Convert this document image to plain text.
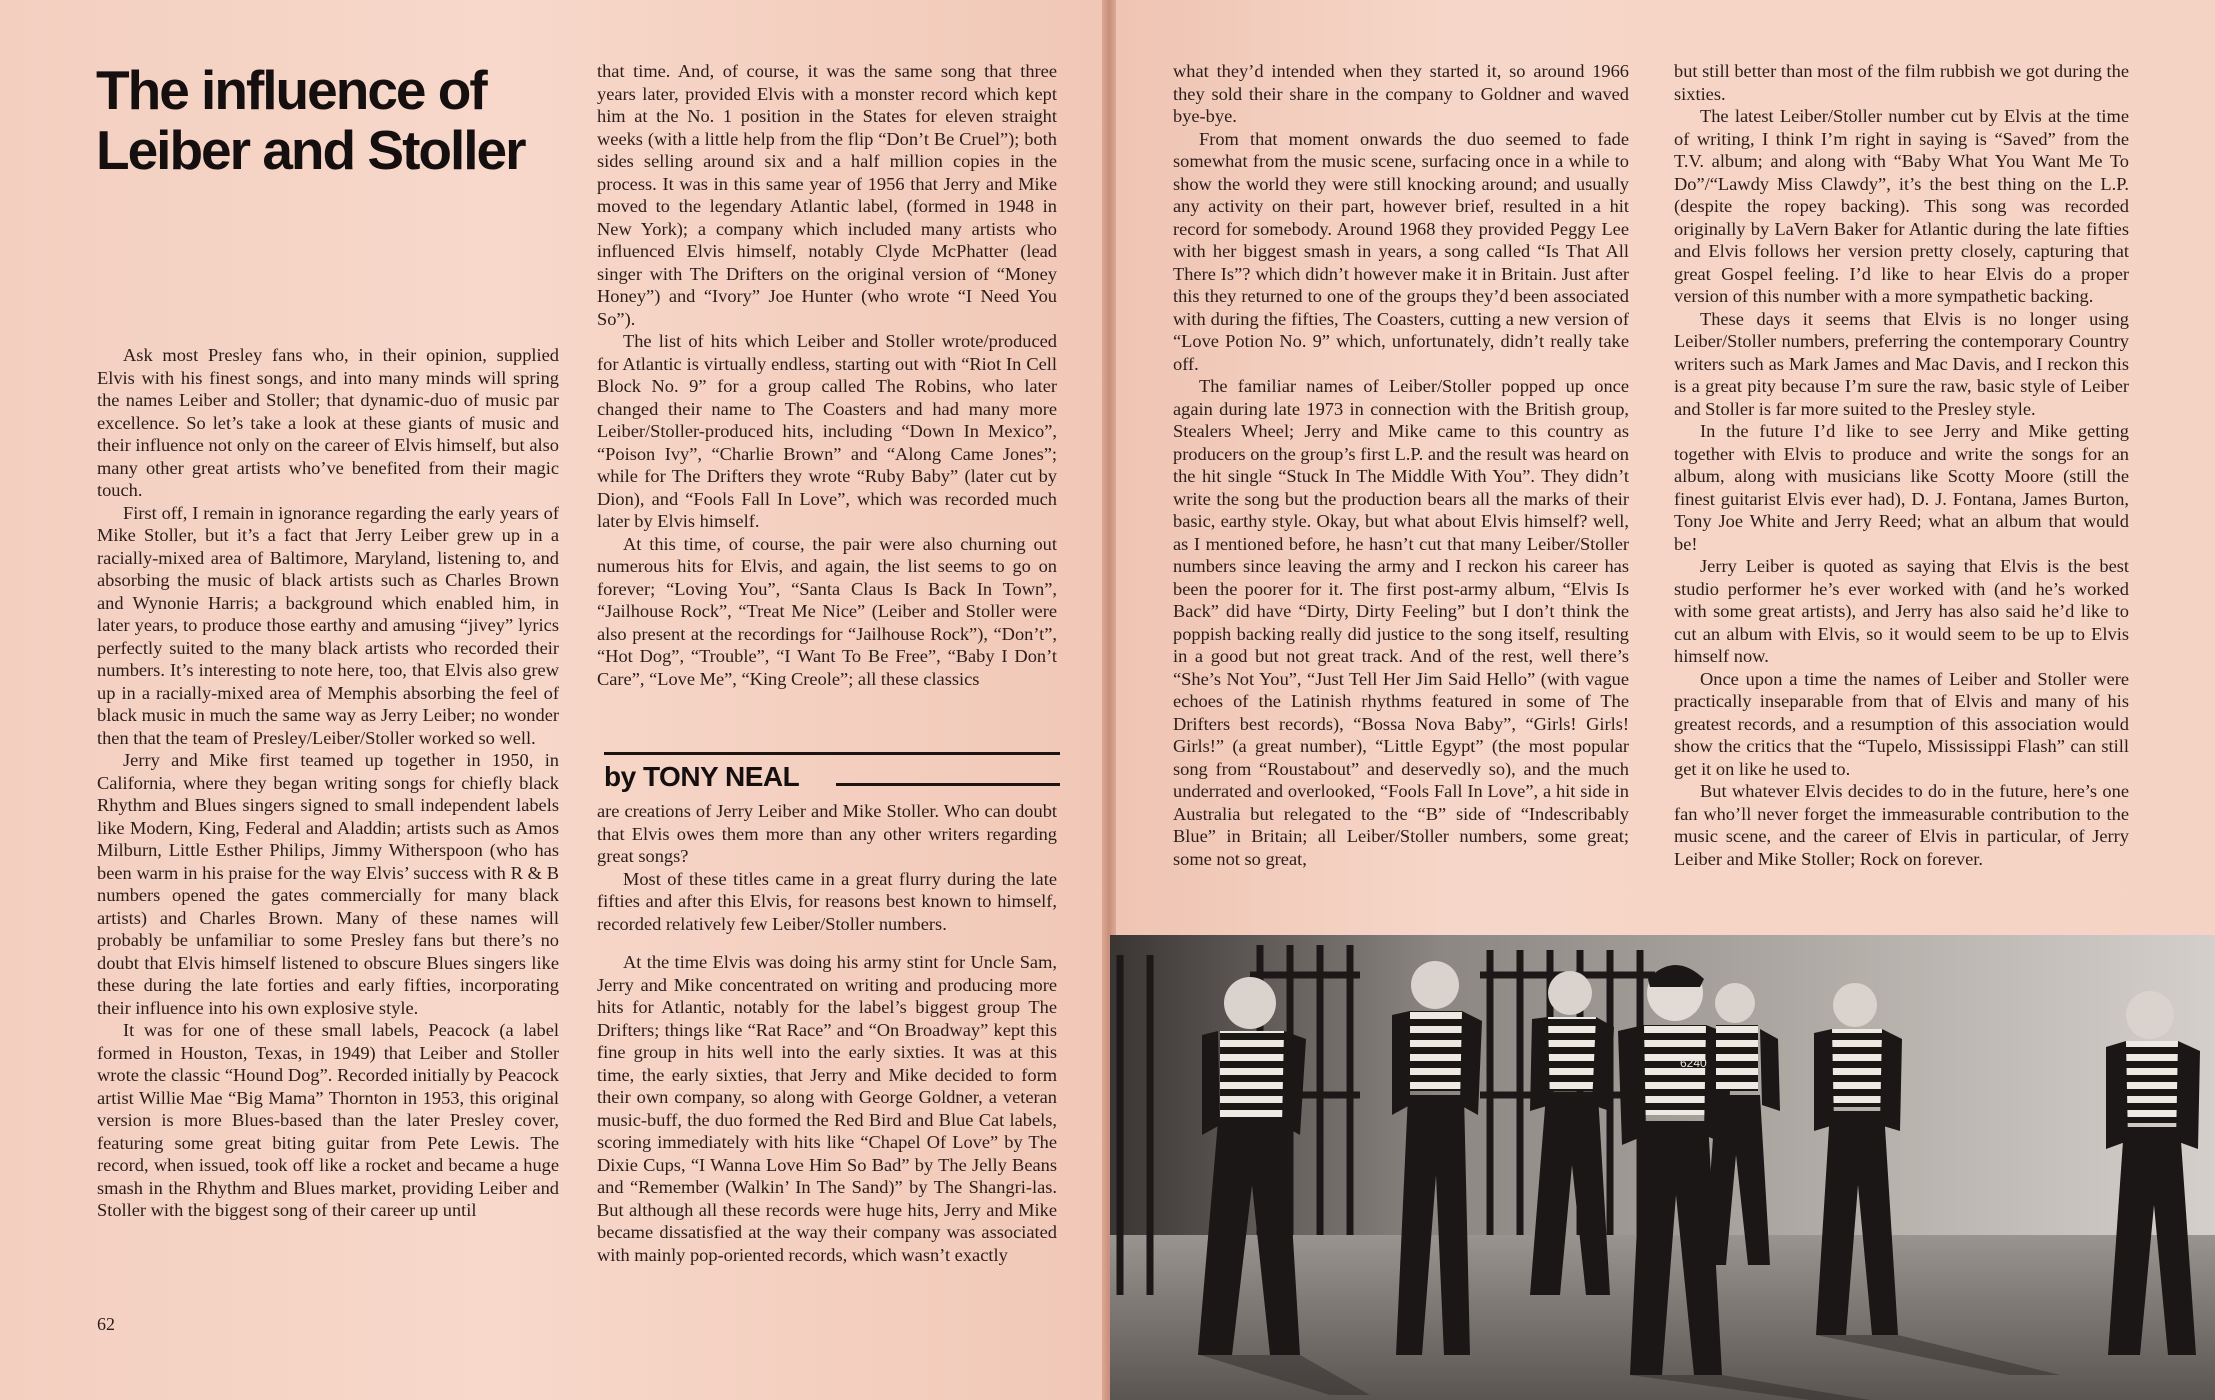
The influence of Leiber and Stoller

Ask most Presley fans who, in their opinion, supplied Elvis with his finest songs, and into many minds will spring the names Leiber and Stoller; that dynamic-duo of music par excellence. So let’s take a look at these giants of music and their influence not only on the career of Elvis himself, but also many other great artists who’ve benefited from their magic touch.

First off, I remain in ignorance regarding the early years of Mike Stoller, but it’s a fact that Jerry Leiber grew up in a racially-mixed area of Baltimore, Maryland, listening to, and absorbing the music of black artists such as Charles Brown and Wynonie Harris; a background which enabled him, in later years, to produce those earthy and amusing “jivey” lyrics perfectly suited to the many black artists who recorded their numbers. It’s interesting to note here, too, that Elvis also grew up in a racially-mixed area of Memphis absorbing the feel of black music in much the same way as Jerry Leiber; no wonder then that the team of Presley/Leiber/Stoller worked so well.

Jerry and Mike first teamed up together in 1950, in California, where they began writing songs for chiefly black Rhythm and Blues singers signed to small independent labels like Modern, King, Federal and Aladdin; artists such as Amos Milburn, Little Esther Philips, Jimmy Witherspoon (who has been warm in his praise for the way Elvis’ success with R & B numbers opened the gates commercially for many black artists) and Charles Brown. Many of these names will probably be unfamiliar to some Presley fans but there’s no doubt that Elvis himself listened to obscure Blues singers like these during the late forties and early fifties, incorporating their influence into his own explosive style.

It was for one of these small labels, Peacock (a label formed in Houston, Texas, in 1949) that Leiber and Stoller wrote the classic “Hound Dog”. Recorded initially by Peacock artist Willie Mae “Big Mama” Thornton in 1953, this original version is more Blues-based than the later Presley cover, featuring some great biting guitar from Pete Lewis. The record, when issued, took off like a rocket and became a huge smash in the Rhythm and Blues market, providing Leiber and Stoller with the biggest song of their career up until

that time. And, of course, it was the same song that three years later, provided Elvis with a monster record which kept him at the No. 1 position in the States for eleven straight weeks (with a little help from the flip “Don’t Be Cruel”); both sides selling around six and a half million copies in the process. It was in this same year of 1956 that Jerry and Mike moved to the legendary Atlantic label, (formed in 1948 in New York); a company which included many artists who influenced Elvis himself, notably Clyde McPhatter (lead singer with The Drifters on the original version of “Money Honey”) and “Ivory” Joe Hunter (who wrote “I Need You So”).

The list of hits which Leiber and Stoller wrote/produced for Atlantic is virtually endless, starting out with “Riot In Cell Block No. 9” for a group called The Robins, who later changed their name to The Coasters and had many more Leiber/Stoller-produced hits, including “Down In Mexico”, “Poison Ivy”, “Charlie Brown” and “Along Came Jones”; while for The Drifters they wrote “Ruby Baby” (later cut by Dion), and “Fools Fall In Love”, which was recorded much later by Elvis himself.

At this time, of course, the pair were also churning out numerous hits for Elvis, and again, the list seems to go on forever; “Loving You”, “Santa Claus Is Back In Town”, “Jailhouse Rock”, “Treat Me Nice” (Leiber and Stoller were also present at the recordings for “Jailhouse Rock”), “Don’t”, “Hot Dog”, “Trouble”, “I Want To Be Free”, “Baby I Don’t Care”, “Love Me”, “King Creole”; all these classics

by TONY NEAL

are creations of Jerry Leiber and Mike Stoller. Who can doubt that Elvis owes them more than any other writers regarding great songs?

Most of these titles came in a great flurry during the late fifties and after this Elvis, for reasons best known to himself, recorded relatively few Leiber/Stoller numbers.

At the time Elvis was doing his army stint for Uncle Sam, Jerry and Mike concentrated on writing and producing more hits for Atlantic, notably for the label’s biggest group The Drifters; things like “Rat Race” and “On Broadway” kept this fine group in hits well into the early sixties. It was at this time, the early sixties, that Jerry and Mike decided to form their own company, so along with George Goldner, a veteran music-buff, the duo formed the Red Bird and Blue Cat labels, scoring immediately with hits like “Chapel Of Love” by The Dixie Cups, “I Wanna Love Him So Bad” by The Jelly Beans and “Remember (Walkin’ In The Sand)” by The Shangri-las. But although all these records were huge hits, Jerry and Mike became dissatisfied at the way their company was associated with mainly pop-oriented records, which wasn’t exactly

62

what they’d intended when they started it, so around 1966 they sold their share in the company to Goldner and waved bye-bye.

From that moment onwards the duo seemed to fade somewhat from the music scene, surfacing once in a while to show the world they were still knocking around; and usually any activity on their part, however brief, resulted in a hit record for somebody. Around 1968 they provided Peggy Lee with her biggest smash in years, a song called “Is That All There Is”? which didn’t however make it in Britain. Just after this they returned to one of the groups they’d been associated with during the fifties, The Coasters, cutting a new version of “Love Potion No. 9” which, unfortunately, didn’t really take off.

The familiar names of Leiber/Stoller popped up once again during late 1973 in connection with the British group, Stealers Wheel; Jerry and Mike came to this country as producers on the group’s first L.P. and the result was heard on the hit single “Stuck In The Middle With You”. They didn’t write the song but the production bears all the marks of their basic, earthy style. Okay, but what about Elvis himself? well, as I mentioned before, he hasn’t cut that many Leiber/Stoller numbers since leaving the army and I reckon his career has been the poorer for it. The first post-army album, “Elvis Is Back” did have “Dirty, Dirty Feeling” but I don’t think the poppish backing really did justice to the song itself, resulting in a good but not great track. And of the rest, well there’s “She’s Not You”, “Just Tell Her Jim Said Hello” (with vague echoes of the Latinish rhythms featured in some of The Drifters best records), “Bossa Nova Baby”, “Girls! Girls! Girls!” (a great number), “Little Egypt” (the most popular song from “Roustabout” and deservedly so), and the much underrated and overlooked, “Fools Fall In Love”, a hit side in Australia but relegated to the “B” side of “Indescribably Blue” in Britain; all Leiber/Stoller numbers, some great; some not so great,

but still better than most of the film rubbish we got during the sixties.

The latest Leiber/Stoller number cut by Elvis at the time of writing, I think I’m right in saying is “Saved” from the T.V. album; and along with “Baby What You Want Me To Do”/“Lawdy Miss Clawdy”, it’s the best thing on the L.P. (despite the ropey backing). This song was recorded originally by LaVern Baker for Atlantic during the late fifties and Elvis follows her version pretty closely, capturing that great Gospel feeling. I’d like to hear Elvis do a proper version of this number with a more sympathetic backing.

These days it seems that Elvis is no longer using Leiber/Stoller numbers, preferring the contemporary Country writers such as Mark James and Mac Davis, and I reckon this is a great pity because I’m sure the raw, basic style of Leiber and Stoller is far more suited to the Presley style.

In the future I’d like to see Jerry and Mike getting together with Elvis to produce and write the songs for an album, along with musicians like Scotty Moore (still the finest guitarist Elvis ever had), D. J. Fontana, James Burton, Tony Joe White and Jerry Reed; what an album that would be!

Jerry Leiber is quoted as saying that Elvis is the best studio performer he’s ever worked with (and he’s worked with some great artists), and Jerry has also said he’d like to cut an album with Elvis, so it would seem to be up to Elvis himself now.

Once upon a time the names of Leiber and Stoller were practically inseparable from that of Elvis and many of his greatest records, and a resumption of this association would show the critics that the “Tupelo, Mississippi Flash” can still get it on like he used to.

But whatever Elvis decides to do in the future, here’s one fan who’ll never forget the immeasurable contribution to the music scene, and the career of Elvis in particular, of Jerry Leiber and Mike Stoller; Rock on forever.

6240
